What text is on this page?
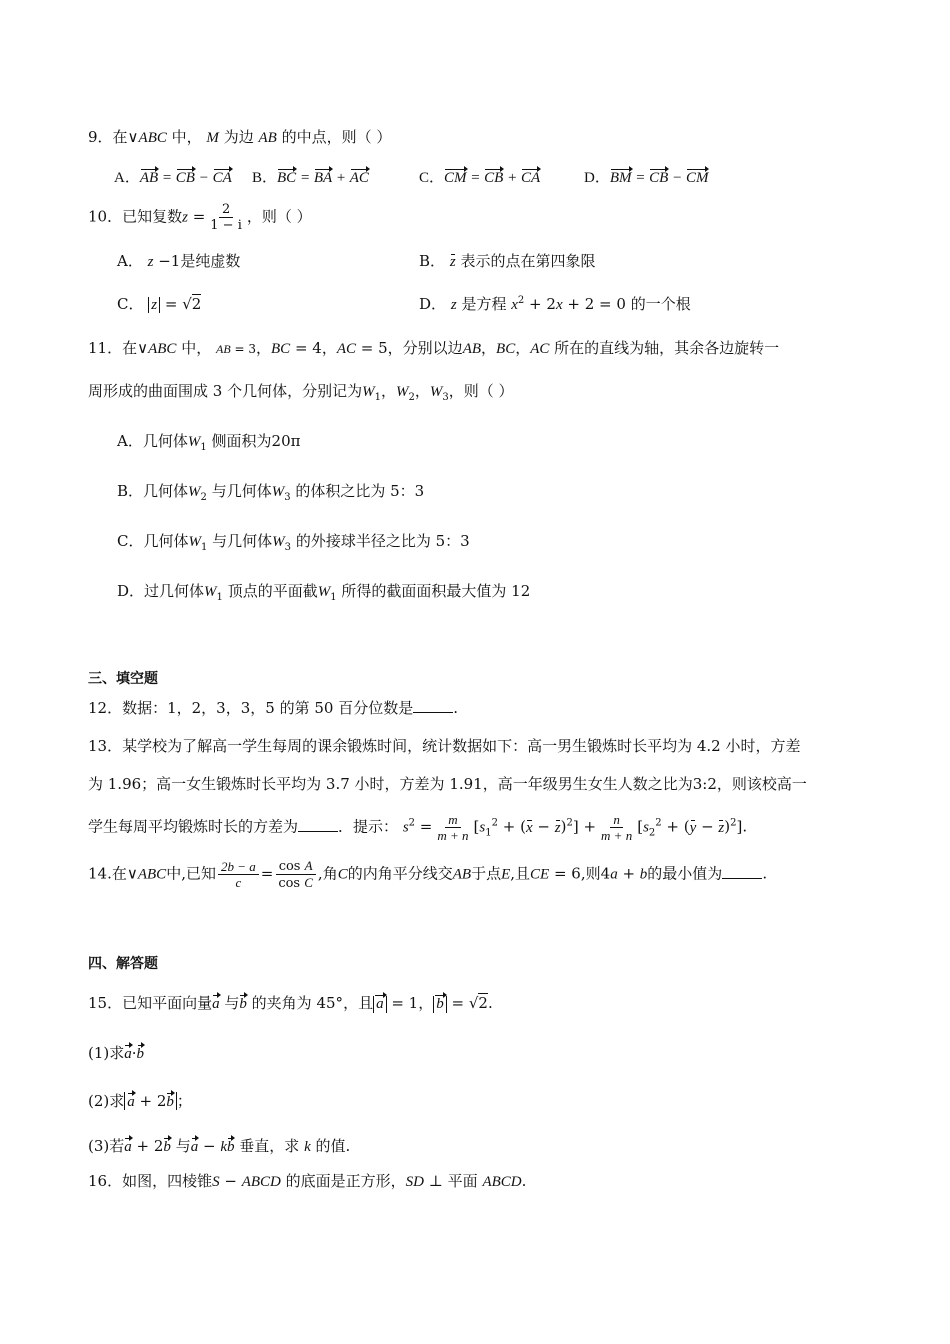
9．在∨ABC 中， M 为边 AB 的中点，则（ ）
A．AB = CB − CA B．BC = BA + AC	C．CM = CB + CA	D．BM = CB − CM
10．已知复数$z = \frac{2}{1 - i}$ ，则（ ）
A． z −1是纯虚数	B． z 表示的点在第四象限
C． z = √2	D． z 是方程 $x^2 + 2x + 2 = 0$ 的一个根
11．在∨ABC 中， AB = 3，BC = 4，AC = 5，分别以边AB，BC，AC 所在的直线为轴，其余各边旋转一
周形成的曲面围成 3 个几何体，分别记为$W_1$，$W_2$，$W_3$，则（ ）
A．几何体$W_1$ 侧面积为20π
B．几何体$W_2$ 与几何体$W_3$ 的体积之比为 5：3
C．几何体$W_1$ 与几何体$W_3$ 的外接球半径之比为 5：3
D．过几何体$W_1$ 顶点的平面截$W_1$ 所得的截面面积最大值为 12
三、填空题
12．数据：1，2，3，3，5 的第 50 百分位数是	.
13．某学校为了解高一学生每周的课余锻炼时间，统计数据如下：高一男生锻炼时长平均为 4.2 小时，方差
为 1.96；高一女生锻炼时长平均为 3.7 小时，方差为 1.91，高一年级男生女生人数之比为3:2，则该校高一
学生每周平均锻炼时长的方差为	．提示： $s^2 = \frac{m}{m + n} [s_1^2 + (x - z)^2] + \frac{n}{m + n} [s_2^2 + (y - z)^2]$.
14.在∨ABC中,已知 $\frac{2b - a}{c} = \frac{\text{cos A}}{\text{cos C}}$ ,角C的内角平分线交AB于点E,且CE = 6,则4a + b的最小值为	.
四、解答题
15．已知平面向量a 与b 的夹角为 45°，且 a = 1， b = √2.
(1)求a·b
(2)求 a + 2b ；
(3)若a + 2b 与a − kb 垂直，求 k 的值.
16．如图，四棱锥S − ABCD 的底面是正方形，SD ⊥ 平面 ABCD.
